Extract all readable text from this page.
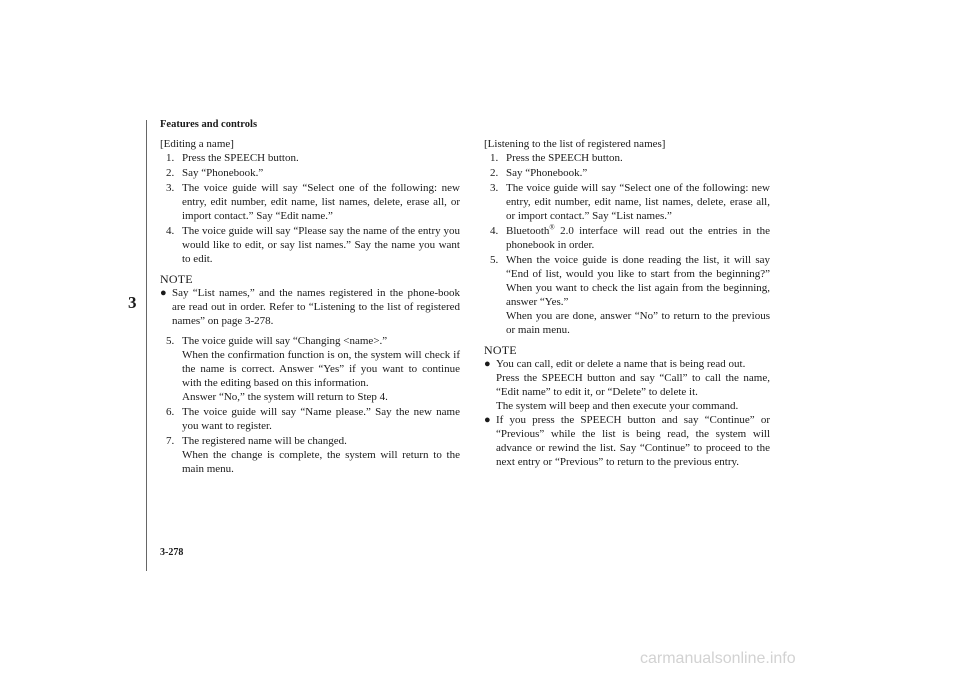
Features and controls
3

[Editing a name]

1. Press the SPEECH button.

2. Say “Phonebook.”

3. The voice guide will say “Select one of the following: new entry, edit number, edit name, list names, delete, erase all, or import contact.” Say “Edit name.”

4. The voice guide will say “Please say the name of the entry you would like to edit, or say list names.” Say the name you want to edit.

NOTE
● Say “List names,” and the names registered in the phone-book are read out in order. Refer to “Listening to the list of registered names” on page 3-278.

5. The voice guide will say “Changing <name>.”

When the confirmation function is on, the system will check if the name is correct. Answer “Yes” if you want to continue with the editing based on this information.

Answer “No,” the system will return to Step 4.

6. The voice guide will say “Name please.” Say the new name you want to register.

7. The registered name will be changed.

When the change is complete, the system will return to the main menu.

[Listening to the list of registered names]

1. Press the SPEECH button.

2. Say “Phonebook.”

3. The voice guide will say “Select one of the following: new entry, edit number, edit name, list names, delete, erase all, or import contact.” Say “List names.”

4. Bluetooth® 2.0 interface will read out the entries in the phonebook in order.

5. When the voice guide is done reading the list, it will say “End of list, would you like to start from the beginning?” When you want to check the list again from the beginning, answer “Yes.”

When you are done, answer “No” to return to the previous or main menu.

NOTE
● You can call, edit or delete a name that is being read out.

Press the SPEECH button and say “Call” to call the name, “Edit name” to edit it, or “Delete” to delete it.

The system will beep and then execute your command.

● If you press the SPEECH button and say “Continue” or “Previous” while the list is being read, the system will advance or rewind the list. Say “Continue” to proceed to the next entry or “Previous” to return to the previous entry.

3-278
carmanualsonline.info
